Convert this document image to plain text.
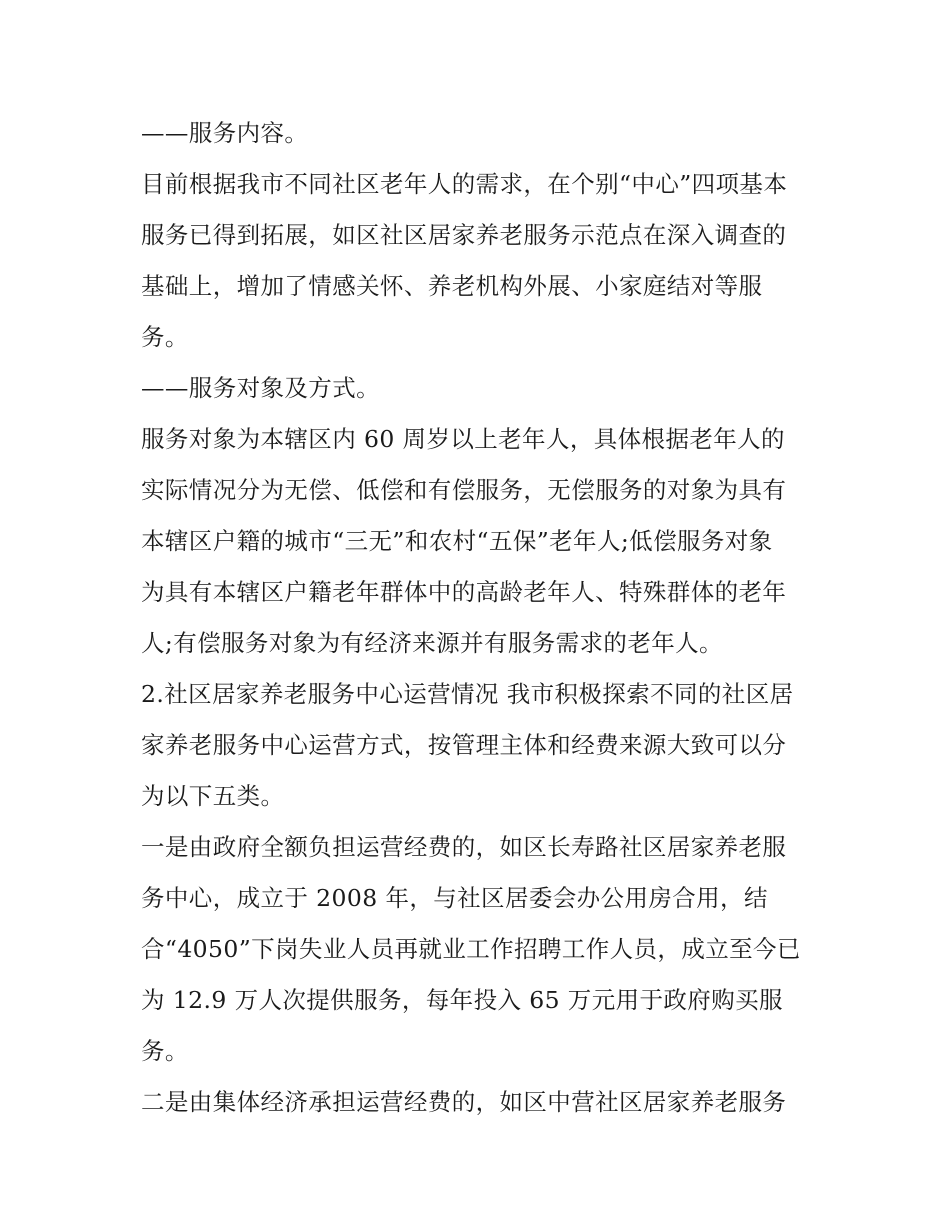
——服务内容。
目前根据我市不同社区老年人的需求，在个别“中心”四项基本
服务已得到拓展，如区社区居家养老服务示范点在深入调查的
基础上，增加了情感关怀、养老机构外展、小家庭结对等服
务。
——服务对象及方式。
服务对象为本辖区内 60 周岁以上老年人，具体根据老年人的
实际情况分为无偿、低偿和有偿服务，无偿服务的对象为具有
本辖区户籍的城市“三无”和农村“五保”老年人;低偿服务对象
为具有本辖区户籍老年群体中的高龄老年人、特殊群体的老年
人;有偿服务对象为有经济来源并有服务需求的老年人。
2.社区居家养老服务中心运营情况 我市积极探索不同的社区居
家养老服务中心运营方式，按管理主体和经费来源大致可以分
为以下五类。
一是由政府全额负担运营经费的，如区长寿路社区居家养老服
务中心，成立于 2008 年，与社区居委会办公用房合用，结
合“4050”下岗失业人员再就业工作招聘工作人员，成立至今已
为 12.9 万人次提供服务，每年投入 65 万元用于政府购买服
务。
二是由集体经济承担运营经费的，如区中营社区居家养老服务
